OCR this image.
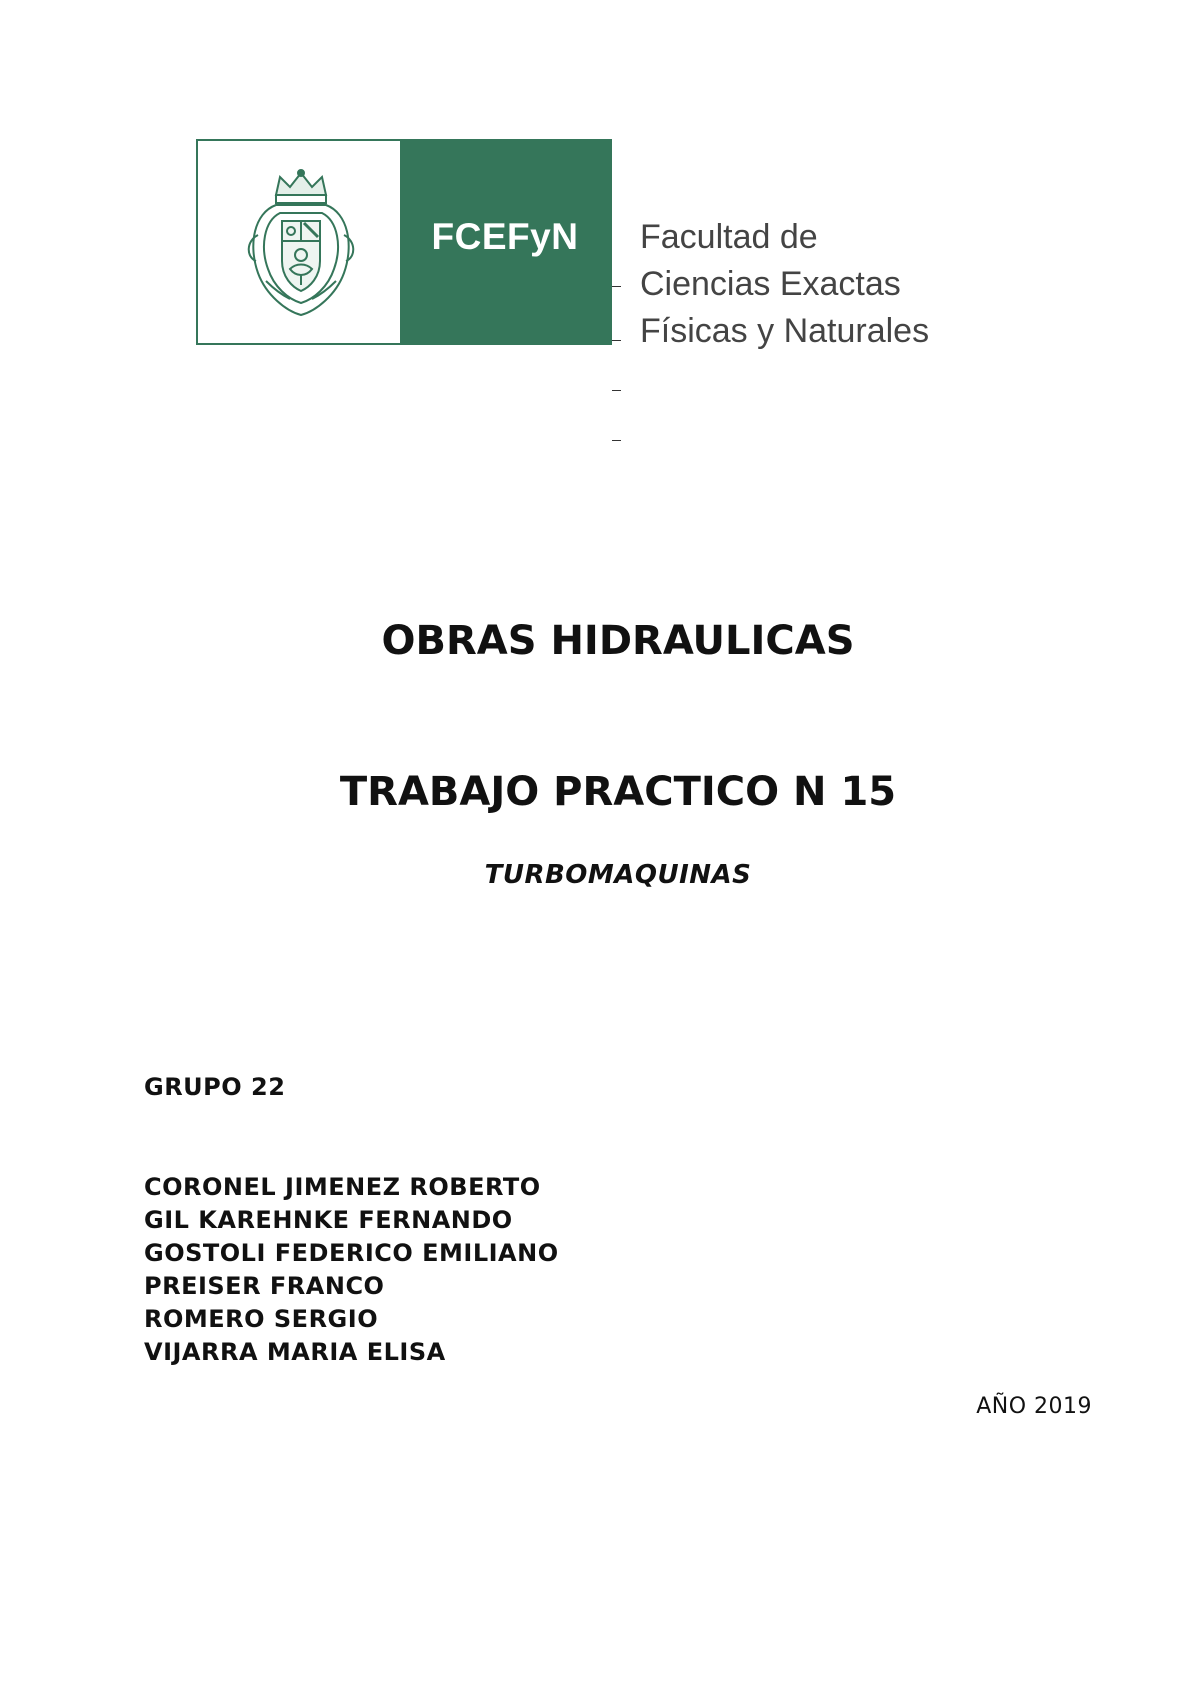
FCEFyN Facultad de
Ciencias Exactas
Físicas y Naturales
OBRAS HIDRAULICAS
TRABAJO PRACTICO N 15
TURBOMAQUINAS
GRUPO 22
CORONEL JIMENEZ ROBERTO
GIL KAREHNKE FERNANDO
GOSTOLI FEDERICO EMILIANO
PREISER FRANCO
ROMERO SERGIO
VIJARRA MARIA ELISA
AÑO 2019
